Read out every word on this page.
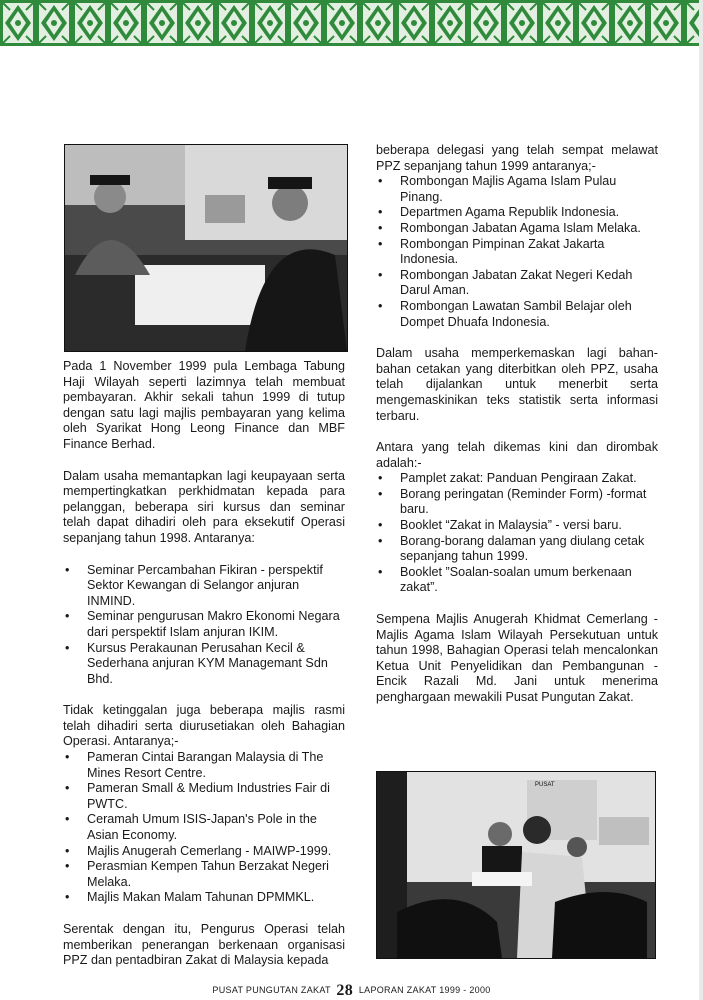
Pada 1 November 1999 pula Lembaga Tabung Haji Wilayah seperti lazimnya telah membuat pembayaran. Akhir sekali tahun 1999 di tutup dengan satu lagi majlis pembayaran yang kelima oleh Syarikat Hong Leong Finance dan MBF Finance Berhad.

Dalam usaha memantapkan lagi keupayaan serta mempertingkatkan perkhidmatan kepada para pelanggan, beberapa siri kursus dan seminar telah dapat dihadiri oleh para eksekutif Operasi sepanjang tahun 1998. Antaranya:

• Seminar Percambahan Fikiran - perspektif Sektor Kewangan di Selangor anjuran INMIND.
• Seminar pengurusan Makro Ekonomi Negara dari perspektif Islam anjuran IKIM.
• Kursus Perakaunan Perusahan Kecil & Sederhana anjuran KYM Managemant Sdn Bhd.

Tidak ketinggalan juga beberapa majlis rasmi telah dihadiri serta diurusetiakan oleh Bahagian Operasi. Antaranya;-

• Pameran Cintai Barangan Malaysia di The Mines Resort Centre.
• Pameran Small & Medium Industries Fair di PWTC.
• Ceramah Umum ISIS-Japan's Pole in the Asian Economy.
• Majlis Anugerah Cemerlang - MAIWP-1999.
• Perasmian Kempen Tahun Berzakat Negeri Melaka.
• Majlis Makan Malam Tahunan DPMMKL.

Serentak dengan itu, Pengurus Operasi telah memberikan penerangan berkenaan organisasi PPZ dan pentadbiran Zakat di Malaysia kepada

beberapa delegasi yang telah sempat melawat PPZ sepanjang tahun 1999 antaranya;-

• Rombongan Majlis Agama Islam Pulau Pinang.
• Departmen Agama Republik Indonesia.
• Rombongan Jabatan Agama Islam Melaka.
• Rombongan Pimpinan Zakat Jakarta Indonesia.
• Rombongan Jabatan Zakat Negeri Kedah Darul Aman.
• Rombongan Lawatan Sambil Belajar oleh Dompet Dhuafa Indonesia.

Dalam usaha memperkemaskan lagi bahan-bahan cetakan yang diterbitkan oleh PPZ, usaha telah dijalankan untuk menerbit serta mengemaskinikan teks statistik serta informasi terbaru.

Antara yang telah dikemas kini dan dirombak adalah:-

• Pamplet zakat: Panduan Pengiraan Zakat.
• Borang peringatan (Reminder Form) -format baru.
• Booklet “Zakat in Malaysia” - versi baru.
• Borang-borang dalaman yang diulang cetak sepanjang tahun 1999.
• Booklet ”Soalan-soalan umum berkenaan zakat”.

Sempena Majlis Anugerah Khidmat Cemerlang - Majlis Agama Islam Wilayah Persekutuan untuk tahun 1998, Bahagian Operasi telah mencalonkan Ketua Unit Penyelidikan dan Pembangunan - Encik Razali Md. Jani untuk menerima penghargaan mewakili Pusat Pungutan Zakat.

PUSAT
PUSAT PUNGUTAN ZAKAT 28 LAPORAN ZAKAT 1999 - 2000
